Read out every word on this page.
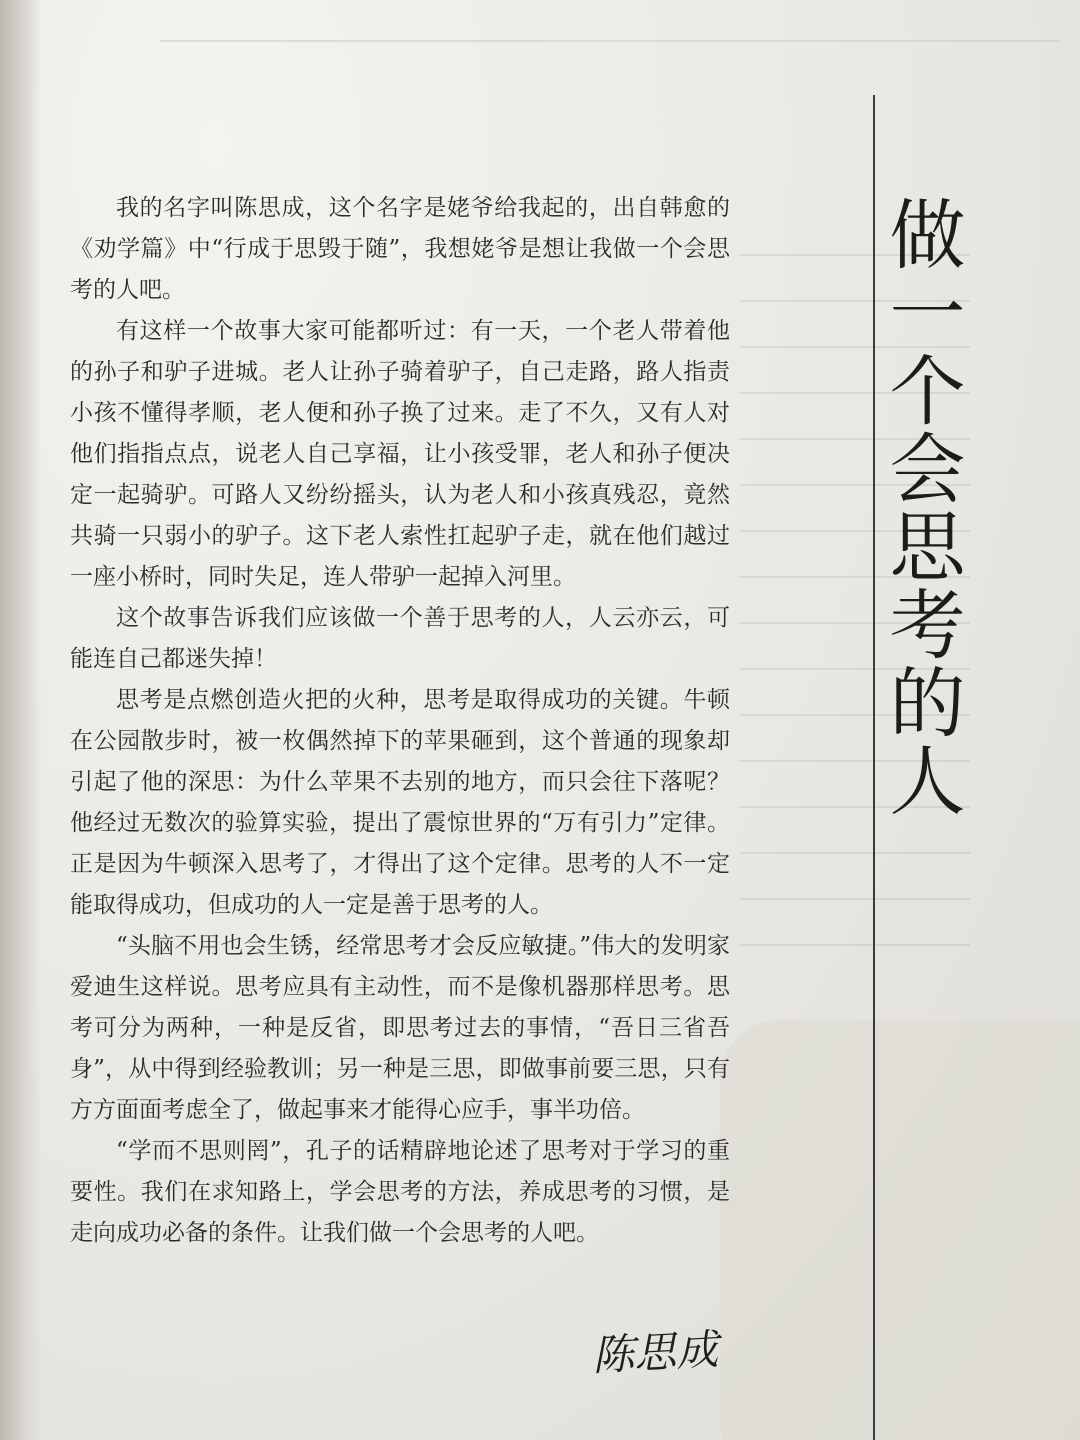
做一个会思考的人

我的名字叫陈思成，这个名字是姥爷给我起的，出自韩愈的《劝学篇》中“行成于思毁于随”，我想姥爷是想让我做一个会思考的人吧。

有这样一个故事大家可能都听过：有一天，一个老人带着他的孙子和驴子进城。老人让孙子骑着驴子，自己走路，路人指责小孩不懂得孝顺，老人便和孙子换了过来。走了不久，又有人对他们指指点点，说老人自己享福，让小孩受罪，老人和孙子便决定一起骑驴。可路人又纷纷摇头，认为老人和小孩真残忍，竟然共骑一只弱小的驴子。这下老人索性扛起驴子走，就在他们越过一座小桥时，同时失足，连人带驴一起掉入河里。

这个故事告诉我们应该做一个善于思考的人，人云亦云，可能连自己都迷失掉！

思考是点燃创造火把的火种，思考是取得成功的关键。牛顿在公园散步时，被一枚偶然掉下的苹果砸到，这个普通的现象却引起了他的深思：为什么苹果不去别的地方，而只会往下落呢？他经过无数次的验算实验，提出了震惊世界的“万有引力”定律。正是因为牛顿深入思考了，才得出了这个定律。思考的人不一定能取得成功，但成功的人一定是善于思考的人。

“头脑不用也会生锈，经常思考才会反应敏捷。”伟大的发明家爱迪生这样说。思考应具有主动性，而不是像机器那样思考。思考可分为两种，一种是反省，即思考过去的事情，“吾日三省吾身”，从中得到经验教训；另一种是三思，即做事前要三思，只有方方面面考虑全了，做起事来才能得心应手，事半功倍。

“学而不思则罔”，孔子的话精辟地论述了思考对于学习的重要性。我们在求知路上，学会思考的方法，养成思考的习惯，是走向成功必备的条件。让我们做一个会思考的人吧。

陈思成
